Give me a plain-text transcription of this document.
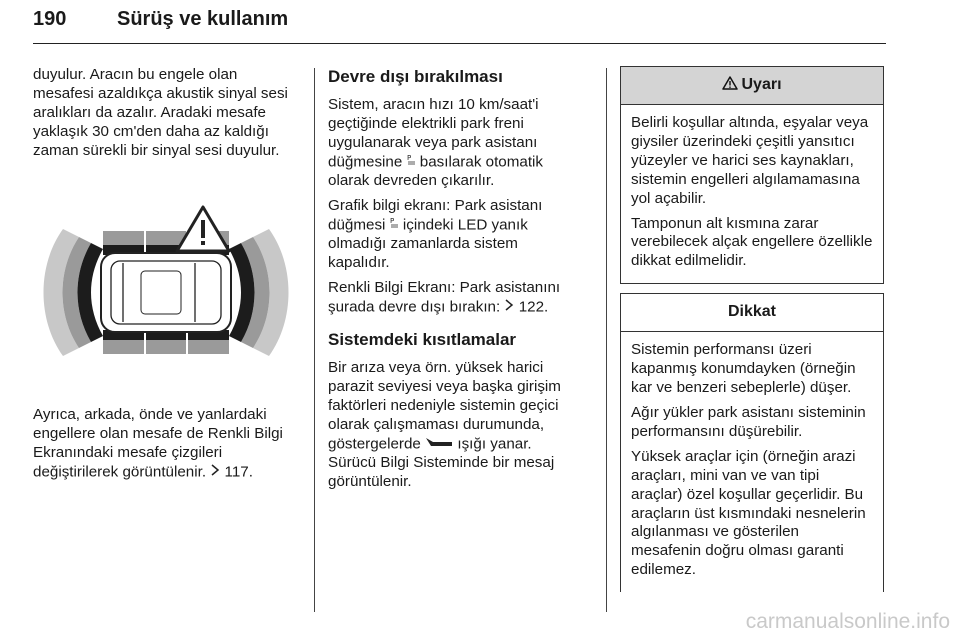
190	Sürüş ve kullanım

duyulur. Aracın bu engele olan mesafesi azaldıkça akustik sinyal sesi aralıkları da azalır. Aradaki mesafe yaklaşık 30 cm'den daha az kaldığı zaman sürekli bir sinyal sesi duyulur.

Ayrıca, arkada, önde ve yanlardaki engellere olan mesafe de Renkli Bilgi Ekranındaki mesafe çizgileri değiştirilerek görüntülenir. 117.

Devre dışı bırakılması

Sistem, aracın hızı 10 km/saat'i geçtiğinde elektrikli park freni uygulanarak veya park asistanı düğmesine P basılarak otomatik olarak devreden çıkarılır.

Grafik bilgi ekranı: Park asistanı düğmesi P içindeki LED yanık olmadığı zamanlarda sistem kapalıdır.

Renkli Bilgi Ekranı: Park asistanını şurada devre dışı bırakın: 122.

Sistemdeki kısıtlamalar

Bir arıza veya örn. yüksek harici parazit seviyesi veya başka girişim faktörleri nedeniyle sistemin geçici olarak çalışmaması durumunda, göstergelerde ışığı yanar. Sürücü Bilgi Sisteminde bir mesaj görüntülenir.

Uyarı

Belirli koşullar altında, eşyalar veya giysiler üzerindeki çeşitli yansıtıcı yüzeyler ve harici ses kaynakları, sistemin engelleri algılamamasına yol açabilir.

Tamponun alt kısmına zarar verebilecek alçak engellere özellikle dikkat edilmelidir.

Dikkat

Sistemin performansı üzeri kapanmış konumdayken (örneğin kar ve benzeri sebeplerle) düşer.

Ağır yükler park asistanı sisteminin performansını düşürebilir.

Yüksek araçlar için (örneğin arazi araçları, mini van ve van tipi araçlar) özel koşullar geçerlidir. Bu araçların üst kısmındaki nesnelerin algılanması ve gösterilen mesafenin doğru olması garanti edilemez.

carmanualsonline.info
